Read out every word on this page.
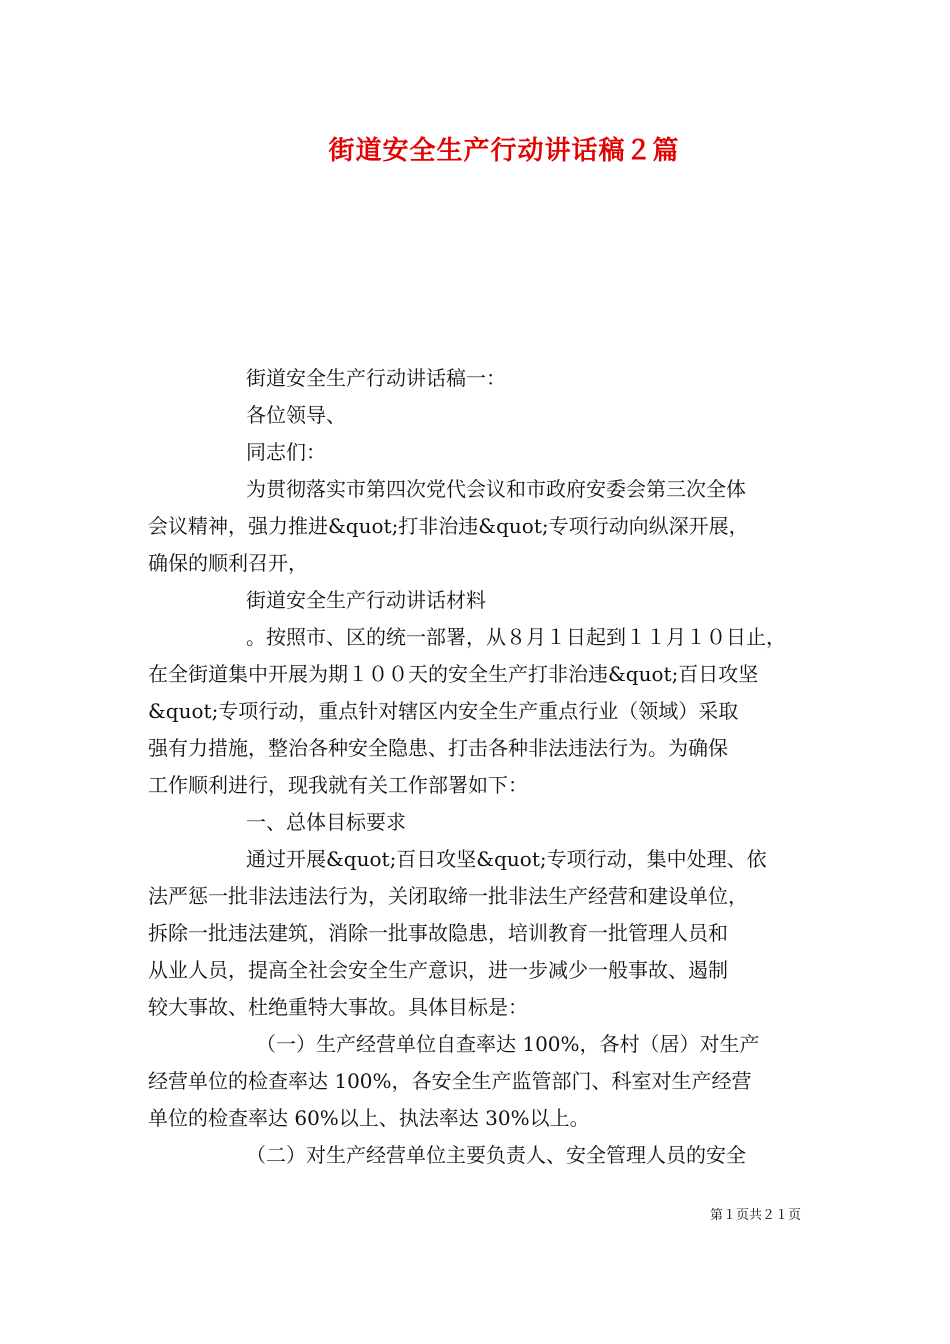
街道安全生产行动讲话稿２篇

街道安全生产行动讲话稿一：

各位领导、

同志们：

为贯彻落实市第四次党代会议和市政府安委会第三次全体

会议精神，强力推进&quot;打非治违&quot;专项行动向纵深开展，

确保的顺利召开，

街道安全生产行动讲话材料

。按照市、区的统一部署，从８月１日起到１１月１０日止，

在全街道集中开展为期１００天的安全生产打非治违&quot;百日攻坚

&quot;专项行动，重点针对辖区内安全生产重点行业（领域）采取

强有力措施，整治各种安全隐患、打击各种非法违法行为。为确保

工作顺利进行，现我就有关工作部署如下：

一、总体目标要求

通过开展&quot;百日攻坚&quot;专项行动，集中处理、依

法严惩一批非法违法行为，关闭取缔一批非法生产经营和建设单位，

拆除一批违法建筑，消除一批事故隐患，培训教育一批管理人员和

从业人员，提高全社会安全生产意识，进一步减少一般事故、遏制

较大事故、杜绝重特大事故。具体目标是：

（一）生产经营单位自查率达 100%，各村（居）对生产

经营单位的检查率达 100%，各安全生产监管部门、科室对生产经营

单位的检查率达 60%以上、执法率达 30%以上。

（二）对生产经营单位主要负责人、安全管理人员的安全

第１页共２１页
